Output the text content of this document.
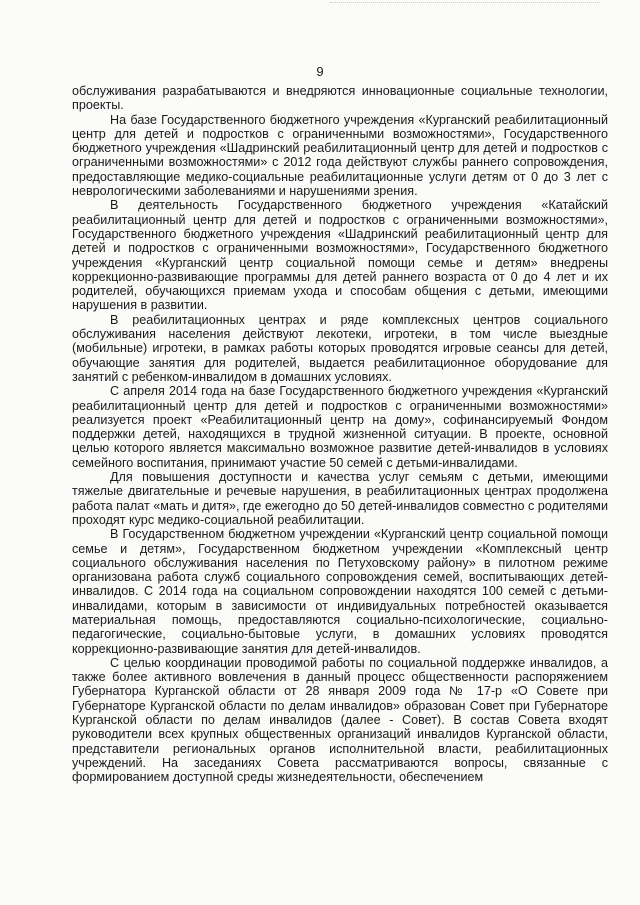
9

обслуживания разрабатываются и внедряются инновационные социальные технологии, проекты.

На базе Государственного бюджетного учреждения «Курганский реабилитационный центр для детей и подростков с ограниченными возможностями», Государственного бюджетного учреждения «Шадринский реабилитационный центр для детей и подростков с ограниченными возможностями» с 2012 года действуют службы раннего сопровождения, предоставляющие медико-социальные реабилитационные услуги детям от 0 до 3 лет с неврологическими заболеваниями и нарушениями зрения.

В деятельность Государственного бюджетного учреждения «Катайский реабилитационный центр для детей и подростков с ограниченными возможностями», Государственного бюджетного учреждения «Шадринский реабилитационный центр для детей и подростков с ограниченными возможностями», Государственного бюджетного учреждения «Курганский центр социальной помощи семье и детям» внедрены коррекционно-развивающие программы для детей раннего возраста от 0 до 4 лет и их родителей, обучающихся приемам ухода и способам общения с детьми, имеющими нарушения в развитии.

В реабилитационных центрах и ряде комплексных центров социального обслуживания населения действуют лекотеки, игротеки, в том числе выездные (мобильные) игротеки, в рамках работы которых проводятся игровые сеансы для детей, обучающие занятия для родителей, выдается реабилитационное оборудование для занятий с ребенком-инвалидом в домашних условиях.

С апреля 2014 года на базе Государственного бюджетного учреждения «Курганский реабилитационный центр для детей и подростков с ограниченными возможностями» реализуется проект «Реабилитационный центр на дому», софинансируемый Фондом поддержки детей, находящихся в трудной жизненной ситуации. В проекте, основной целью которого является максимально возможное развитие детей-инвалидов в условиях семейного воспитания, принимают участие 50 семей с детьми-инвалидами.

Для повышения доступности и качества услуг семьям с детьми, имеющими тяжелые двигательные и речевые нарушения, в реабилитационных центрах продолжена работа палат «мать и дитя», где ежегодно до 50 детей-инвалидов совместно с родителями проходят курс медико-социальной реабилитации.

В Государственном бюджетном учреждении «Курганский центр социальной помощи семье и детям», Государственном бюджетном учреждении «Комплексный центр социального обслуживания населения по Петуховскому району» в пилотном режиме организована работа служб социального сопровождения семей, воспитывающих детей-инвалидов. С 2014 года на социальном сопровождении находятся 100 семей с детьми-инвалидами, которым в зависимости от индивидуальных потребностей оказывается материальная помощь, предоставляются социально-психологические, социально-педагогические, социально-бытовые услуги, в домашних условиях проводятся коррекционно-развивающие занятия для детей-инвалидов.

С целью координации проводимой работы по социальной поддержке инвалидов, а также более активного вовлечения в данный процесс общественности распоряжением Губернатора Курганской области от 28 января 2009 года № 17-р «О Совете при Губернаторе Курганской области по делам инвалидов» образован Совет при Губернаторе Курганской области по делам инвалидов (далее - Совет). В состав Совета входят руководители всех крупных общественных организаций инвалидов Курганской области, представители региональных органов исполнительной власти, реабилитационных учреждений. На заседаниях Совета рассматриваются вопросы, связанные с формированием доступной среды жизнедеятельности, обеспечением
